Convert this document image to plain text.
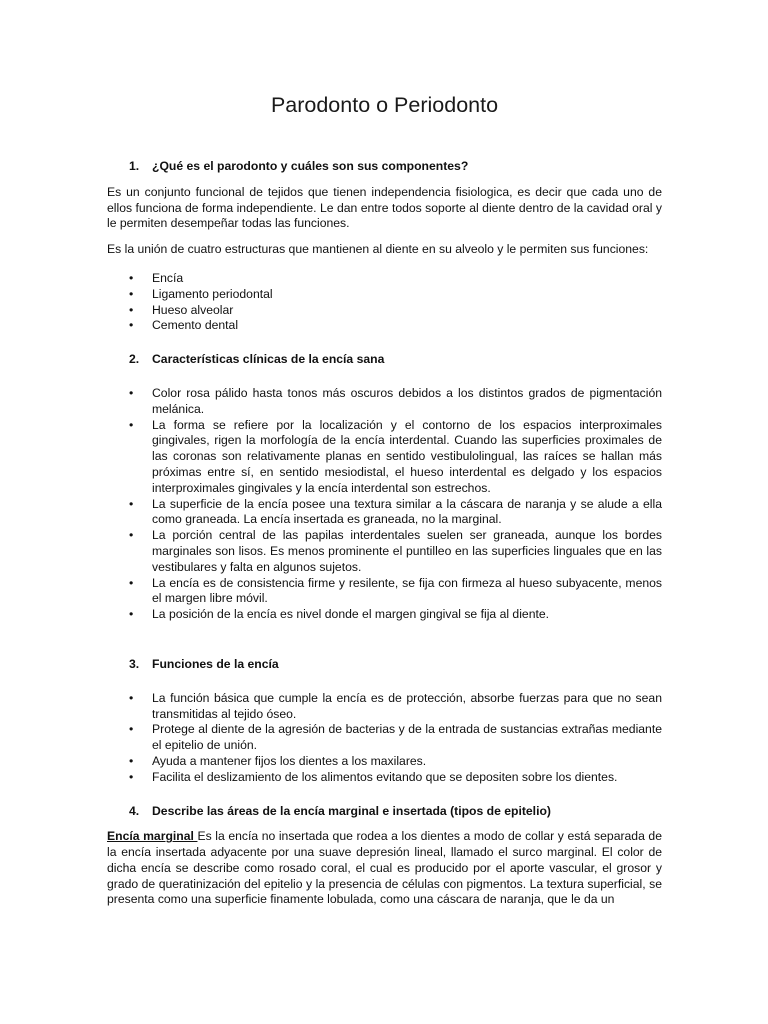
Parodonto o Periodonto
1.	¿Qué es el parodonto y cuáles son sus componentes?

Es un conjunto funcional de tejidos que tienen independencia fisiologica, es decir que cada uno de ellos funciona de forma independiente. Le dan entre todos soporte al diente dentro de la cavidad oral y le permiten desempeñar todas las funciones.

Es la unión de cuatro estructuras que mantienen al diente en su alveolo y le permiten sus funciones:

• Encía
• Ligamento periodontal
• Hueso alveolar
• Cemento dental
2.	Características clínicas de la encía sana
• Color rosa pálido hasta tonos más oscuros debidos a los distintos grados de pigmentación melánica.
• La forma se refiere por la localización y el contorno de los espacios interproximales gingivales, rigen la morfología de la encía interdental. Cuando las superficies proximales de las coronas son relativamente planas en sentido vestibulolingual, las raíces se hallan más próximas entre sí, en sentido mesiodistal, el hueso interdental es delgado y los espacios interproximales gingivales y la encía interdental son estrechos.
• La superficie de la encía posee una textura similar a la cáscara de naranja y se alude a ella como graneada. La encía insertada es graneada, no la marginal.
• La porción central de las papilas interdentales suelen ser graneada, aunque los bordes marginales son lisos. Es menos prominente el puntilleo en las superficies linguales que en las vestibulares y falta en algunos sujetos.
• La encía es de consistencia firme y resilente, se fija con firmeza al hueso subyacente, menos el margen libre móvil.
• La posición de la encía es nivel donde el margen gingival se fija al diente.
3.	Funciones de la encía
• La función básica que cumple la encía es de protección, absorbe fuerzas para que no sean transmitidas al tejido óseo.
• Protege al diente de la agresión de bacterias y de la entrada de sustancias extrañas mediante el epitelio de unión.
• Ayuda a mantener fijos los dientes a los maxilares.
• Facilita el deslizamiento de los alimentos evitando que se depositen sobre los dientes.
4.	Describe las áreas de la encía marginal e insertada (tipos de epitelio)

Encía marginal Es la encía no insertada que rodea a los dientes a modo de collar y está separada de la encía insertada adyacente por una suave depresión lineal, llamado el surco marginal. El color de dicha encía se describe como rosado coral, el cual es producido por el aporte vascular, el grosor y grado de queratinización del epitelio y la presencia de células con pigmentos. La textura superficial, se presenta como una superficie finamente lobulada, como una cáscara de naranja, que le da un
